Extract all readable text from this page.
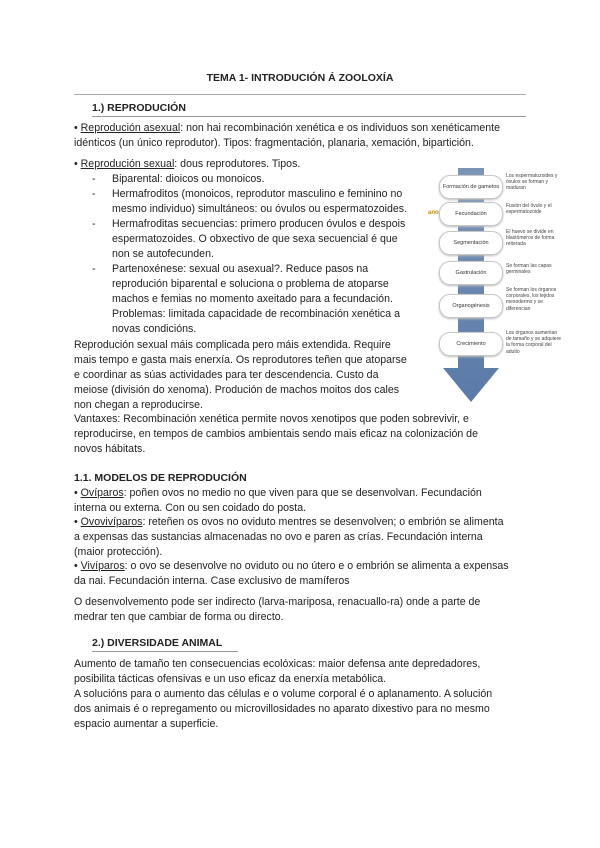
TEMA 1- INTRODUCIÓN Á ZOOLOXÍA
1.) REPRODUCIÓN
• Reprodución asexual: non hai recombinación xenética e os individuos son xenéticamente idénticos (un único reprodutor). Tipos: fragmentación, planaria, xemación, bipartición.
• Reprodución sexual: dous reprodutores. Tipos.
- Biparental: dioicos ou monoicos.
- Hermafroditos (monoicos, reprodutor masculino e feminino no
mesmo individuo) simultáneos: ou óvulos ou espermatozoides.
- Hermafroditas secuencias: primero producen óvulos e despois
espermatozoides. O obxectivo de que sexa secuencial é que
non se autofecunden.
- Partenoxénese: sexual ou asexual?. Reduce pasos na
reprodución biparental e soluciona o problema de atoparse
machos e femias no momento axeitado para a fecundación.
Problemas: limitada capacidade de recombinación xenética a
novas condicións.
ano
Formación de gametos
Fecundación
Segmentación
Gastrulación
Organogénesis
Crecimiento
Los espermatozoides y óvulos se forman y maduran
Fusión del óvulo y el espermatozoide
El huevo se divide en blastómeros de forma reiterada
Se forman las capas germinales
Se forman los órganos corporales, los tejidos mesodermo y se diferencian
Los órganos aumentan de tamaño y se adquiere la forma corporal del adulto
Reprodución sexual máis complicada pero máis extendida. Require
mais tempo e gasta mais enerxía. Os reprodutores teñen que atoparse
e coordinar as súas actividades para ter descendencia. Custo da
meiose (división do xenoma). Produción de machos moitos dos cales
non chegan a reproducirse.
Vantaxes: Recombinación xenética permite novos xenotipos que poden sobrevivir, e
reproducirse, en tempos de cambios ambientais sendo mais eficaz na colonización de
novos hábitats.
1.1. MODELOS DE REPRODUCIÓN
• Ovíparos: poñen ovos no medio no que viven para que se desenvolvan. Fecundación
interna ou externa. Con ou sen coidado do posta.
• Ovovivíparos: reteñen os ovos no oviduto mentres se desenvolven; o embrión se alimenta
a expensas das sustancias almacenadas no ovo e paren as crías. Fecundación interna
(maior protección).
• Vivíparos: o ovo se desenvolve no oviduto ou no útero e o embrión se alimenta a expensas
da nai. Fecundación interna. Case exclusivo de mamíferos
O desenvolvemento pode ser indirecto (larva-mariposa, renacuallo-ra) onde a parte de
medrar ten que cambiar de forma ou directo.
2.) DIVERSIDADE ANIMAL
Aumento de tamaño ten consecuencias ecolóxicas: maior defensa ante depredadores,
posibilita tácticas ofensivas e un uso eficaz da enerxía metabólica.
A solucións para o aumento das células e o volume corporal é o aplanamento. A solución
dos animais é o repregamento ou microvillosidades no aparato dixestivo para no mesmo
espacio aumentar a superficie.
